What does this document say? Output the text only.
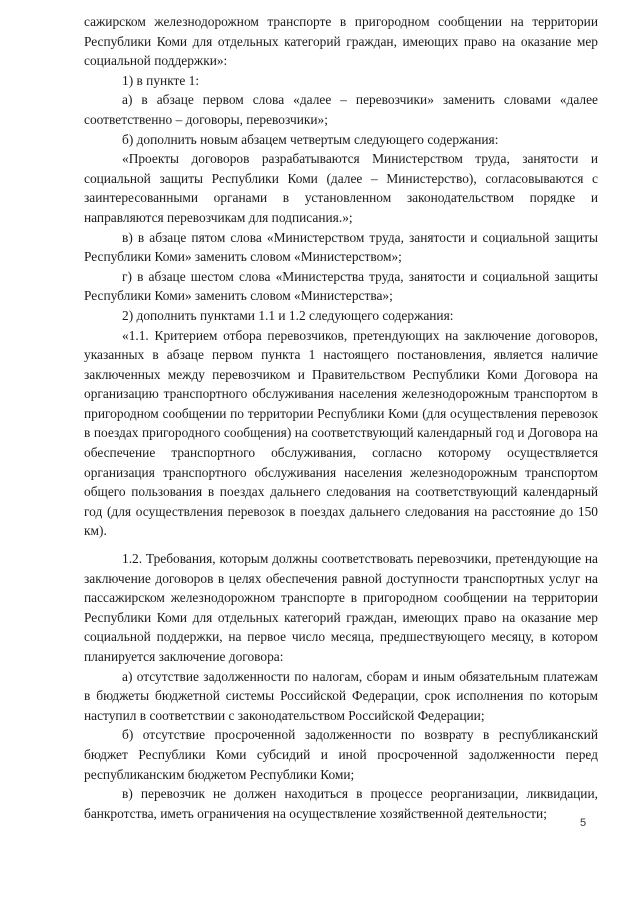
сажирском железнодорожном транспорте в пригородном сообщении на территории Республики Коми для отдельных категорий граждан, имеющих право на оказание мер социальной поддержки»:

1) в пункте 1:

а) в абзаце первом слова «далее – перевозчики» заменить словами «далее соответственно – договоры, перевозчики»;

б) дополнить новым абзацем четвертым следующего содержания:

«Проекты договоров разрабатываются Министерством труда, занятости и социальной защиты Республики Коми (далее – Министерство), согласовываются с заинтересованными органами в установленном законодательством порядке и направляются перевозчикам для подписания.»;

в) в абзаце пятом слова «Министерством труда, занятости и социальной защиты Республики Коми» заменить словом «Министерством»;

г) в абзаце шестом слова «Министерства труда, занятости и социальной защиты Республики Коми» заменить словом «Министерства»;

2) дополнить пунктами 1.1 и 1.2 следующего содержания:

«1.1. Критерием отбора перевозчиков, претендующих на заключение договоров, указанных в абзаце первом пункта 1 настоящего постановления, является наличие заключенных между перевозчиком и Правительством Республики Коми Договора на организацию транспортного обслуживания населения железнодорожным транспортом в пригородном сообщении по территории Республики Коми (для осуществления перевозок в поездах пригородного сообщения) на соответствующий календарный год и Договора на обеспечение транспортного обслуживания, согласно которому осуществляется организация транспортного обслуживания населения железнодорожным транспортом общего пользования в поездах дальнего следования на соответствующий календарный год (для осуществления перевозок в поездах дальнего следования на расстояние до 150 км).

1.2. Требования, которым должны соответствовать перевозчики, претендующие на заключение договоров в целях обеспечения равной доступности транспортных услуг на пассажирском железнодорожном транспорте в пригородном сообщении на территории Республики Коми для отдельных категорий граждан, имеющих право на оказание мер социальной поддержки, на первое число месяца, предшествующего месяцу, в котором планируется заключение договора:

а) отсутствие задолженности по налогам, сборам и иным обязательным платежам в бюджеты бюджетной системы Российской Федерации, срок исполнения по которым наступил в соответствии с законодательством Российской Федерации;

б) отсутствие просроченной задолженности по возврату в республиканский бюджет Республики Коми субсидий и иной просроченной задолженности перед республиканским бюджетом Республики Коми;

в) перевозчик не должен находиться в процессе реорганизации, ликвидации, банкротства, иметь ограничения на осуществление хозяйственной деятельности;

5
